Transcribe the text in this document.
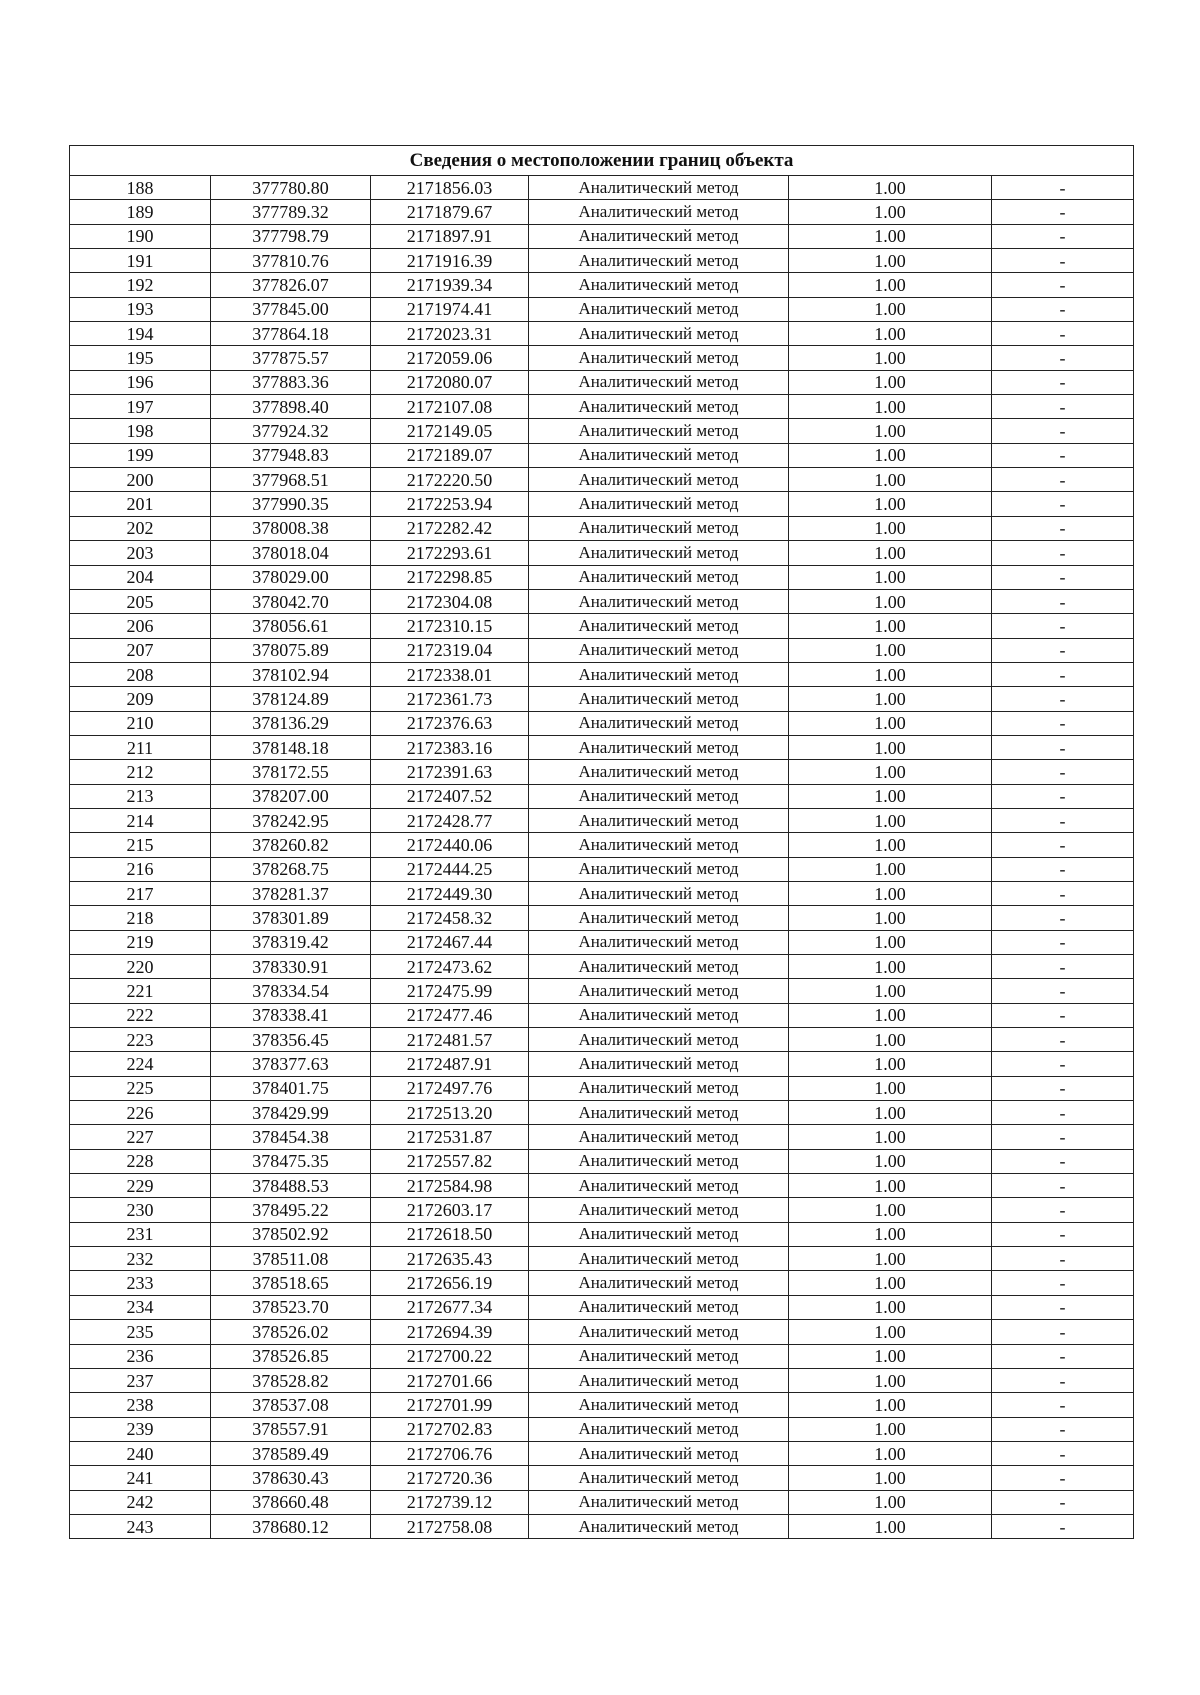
Сведения о местоположении границ объекта					
188	377780.80	2171856.03	Аналитический метод	1.00	-
189	377789.32	2171879.67	Аналитический метод	1.00	-
190	377798.79	2171897.91	Аналитический метод	1.00	-
191	377810.76	2171916.39	Аналитический метод	1.00	-
192	377826.07	2171939.34	Аналитический метод	1.00	-
193	377845.00	2171974.41	Аналитический метод	1.00	-
194	377864.18	2172023.31	Аналитический метод	1.00	-
195	377875.57	2172059.06	Аналитический метод	1.00	-
196	377883.36	2172080.07	Аналитический метод	1.00	-
197	377898.40	2172107.08	Аналитический метод	1.00	-
198	377924.32	2172149.05	Аналитический метод	1.00	-
199	377948.83	2172189.07	Аналитический метод	1.00	-
200	377968.51	2172220.50	Аналитический метод	1.00	-
201	377990.35	2172253.94	Аналитический метод	1.00	-
202	378008.38	2172282.42	Аналитический метод	1.00	-
203	378018.04	2172293.61	Аналитический метод	1.00	-
204	378029.00	2172298.85	Аналитический метод	1.00	-
205	378042.70	2172304.08	Аналитический метод	1.00	-
206	378056.61	2172310.15	Аналитический метод	1.00	-
207	378075.89	2172319.04	Аналитический метод	1.00	-
208	378102.94	2172338.01	Аналитический метод	1.00	-
209	378124.89	2172361.73	Аналитический метод	1.00	-
210	378136.29	2172376.63	Аналитический метод	1.00	-
211	378148.18	2172383.16	Аналитический метод	1.00	-
212	378172.55	2172391.63	Аналитический метод	1.00	-
213	378207.00	2172407.52	Аналитический метод	1.00	-
214	378242.95	2172428.77	Аналитический метод	1.00	-
215	378260.82	2172440.06	Аналитический метод	1.00	-
216	378268.75	2172444.25	Аналитический метод	1.00	-
217	378281.37	2172449.30	Аналитический метод	1.00	-
218	378301.89	2172458.32	Аналитический метод	1.00	-
219	378319.42	2172467.44	Аналитический метод	1.00	-
220	378330.91	2172473.62	Аналитический метод	1.00	-
221	378334.54	2172475.99	Аналитический метод	1.00	-
222	378338.41	2172477.46	Аналитический метод	1.00	-
223	378356.45	2172481.57	Аналитический метод	1.00	-
224	378377.63	2172487.91	Аналитический метод	1.00	-
225	378401.75	2172497.76	Аналитический метод	1.00	-
226	378429.99	2172513.20	Аналитический метод	1.00	-
227	378454.38	2172531.87	Аналитический метод	1.00	-
228	378475.35	2172557.82	Аналитический метод	1.00	-
229	378488.53	2172584.98	Аналитический метод	1.00	-
230	378495.22	2172603.17	Аналитический метод	1.00	-
231	378502.92	2172618.50	Аналитический метод	1.00	-
232	378511.08	2172635.43	Аналитический метод	1.00	-
233	378518.65	2172656.19	Аналитический метод	1.00	-
234	378523.70	2172677.34	Аналитический метод	1.00	-
235	378526.02	2172694.39	Аналитический метод	1.00	-
236	378526.85	2172700.22	Аналитический метод	1.00	-
237	378528.82	2172701.66	Аналитический метод	1.00	-
238	378537.08	2172701.99	Аналитический метод	1.00	-
239	378557.91	2172702.83	Аналитический метод	1.00	-
240	378589.49	2172706.76	Аналитический метод	1.00	-
241	378630.43	2172720.36	Аналитический метод	1.00	-
242	378660.48	2172739.12	Аналитический метод	1.00	-
243	378680.12	2172758.08	Аналитический метод	1.00	-
